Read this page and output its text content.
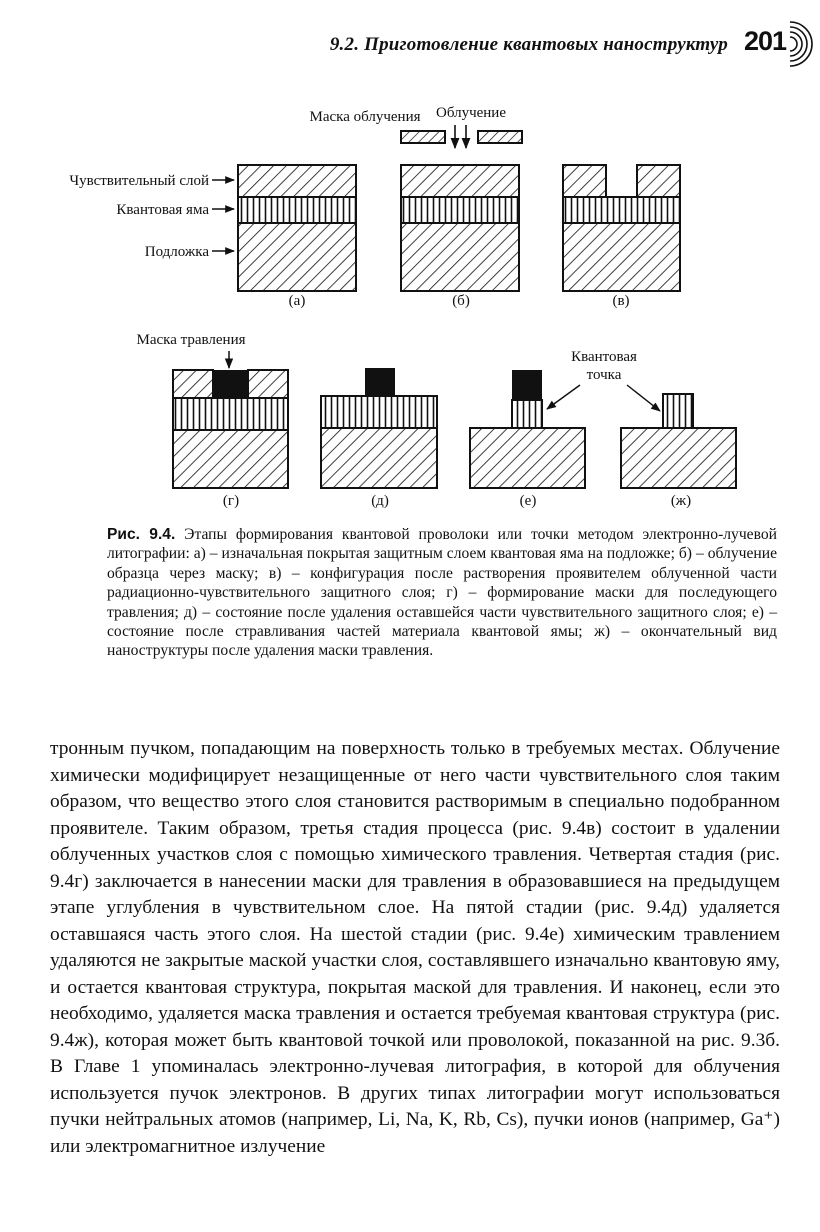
9.2. Приготовление квантовых наноструктур 201
Чувствительный слой
Квантовая яма
Подложка
(а)
Маска облучения Облучение
(б)	(в)
Маска травления
(г)	(д)
Квантовая
точка
(е)	(ж)
Рис. 9.4. Этапы формирования квантовой проволоки или точки методом электронно-лучевой литографии: а) – изначальная покрытая защитным слоем квантовая яма на подложке; б) – облучение образца через маску; в) – конфигурация после растворения проявителем облученной части радиационно-чувствительного защитного слоя; г) – формирование маски для последующего травления; д) – состояние после удаления оставшейся части чувствительного защитного слоя; е) – состояние после стравливания частей материала квантовой ямы; ж) – окончательный вид наноструктуры после удаления маски травления.

тронным пучком, попадающим на поверхность только в требуемых местах. Облучение химически модифицирует незащищенные от него части чувствительного слоя таким образом, что вещество этого слоя становится растворимым в специально подобранном проявителе. Таким образом, третья стадия процесса (рис. 9.4в) состоит в удалении облученных участков слоя с помощью химического травления. Четвертая стадия (рис. 9.4г) заключается в нанесении маски для травления в образовавшиеся на предыдущем этапе углубления в чувствительном слое. На пятой стадии (рис. 9.4д) удаляется оставшаяся часть этого слоя. На шестой стадии (рис. 9.4е) химическим травлением удаляются не закрытые маской участки слоя, составлявшего изначально квантовую яму, и остается квантовая структура, покрытая маской для травления. И наконец, если это необходимо, удаляется маска травления и остается требуемая квантовая структура (рис. 9.4ж), которая может быть квантовой точкой или проволокой, показанной на рис. 9.3б. В Главе 1 упоминалась электронно-лучевая литография, в которой для облучения используется пучок электронов. В других типах литографии могут использоваться пучки нейтральных атомов (например, Li, Na, K, Rb, Cs), пучки ионов (например, Ga⁺) или электромагнитное излучение
